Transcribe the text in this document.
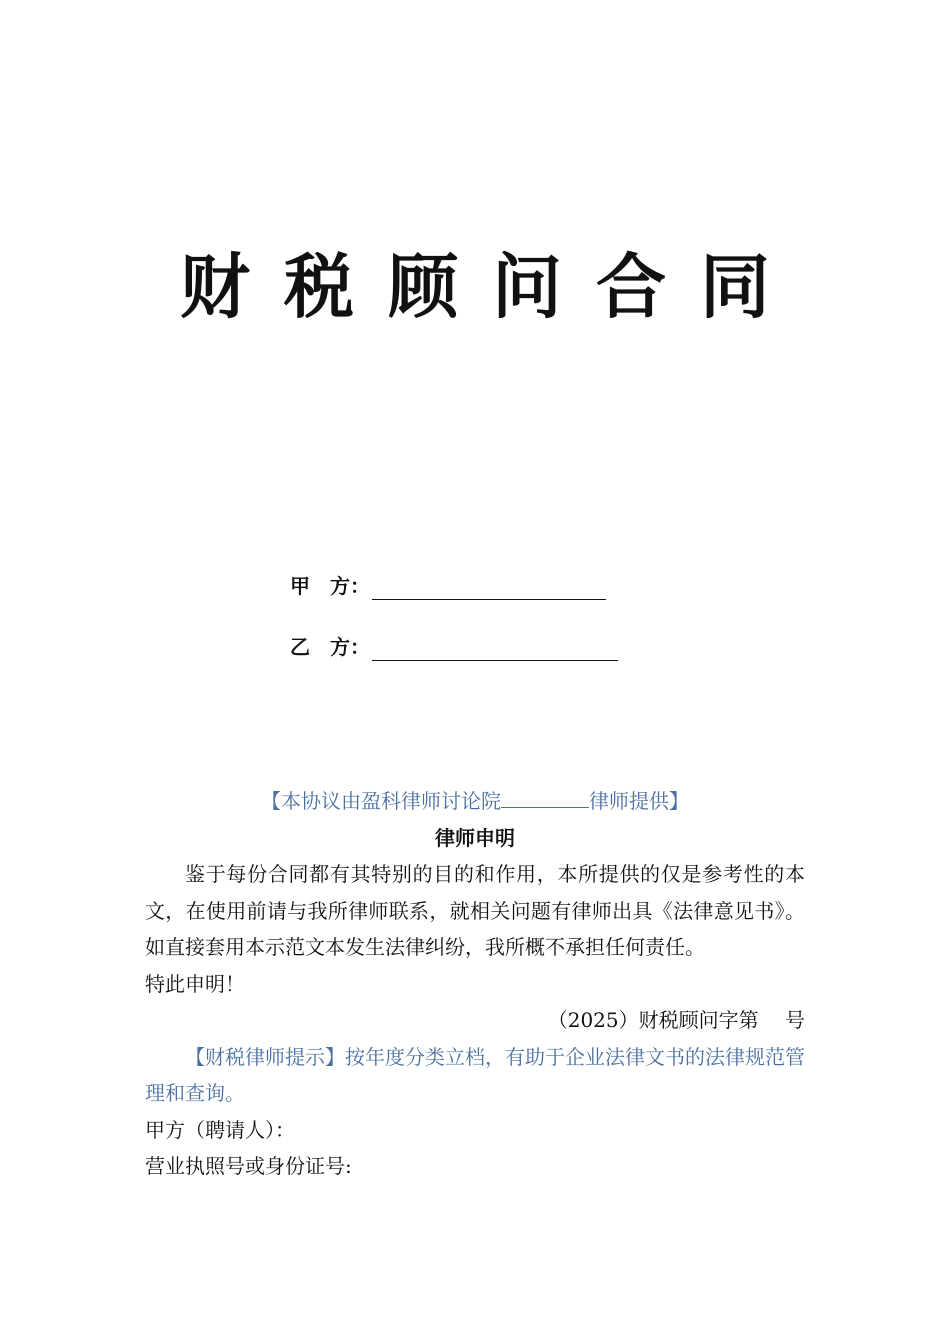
财税顾问合同
甲　方：
乙　方：
【本协议由盈科律师讨论院	律师提供】
律师申明

鉴于每份合同都有其特别的目的和作用，本所提供的仅是参考性的本文，在使用前请与我所律师联系，就相关问题有律师出具《法律意见书》。如直接套用本示范文本发生法律纠纷，我所概不承担任何责任。

特此申明！

（2025）财税顾问字第　 号

【财税律师提示】按年度分类立档，有助于企业法律文书的法律规范管理和查询。

甲方（聘请人）：

营业执照号或身份证号:
